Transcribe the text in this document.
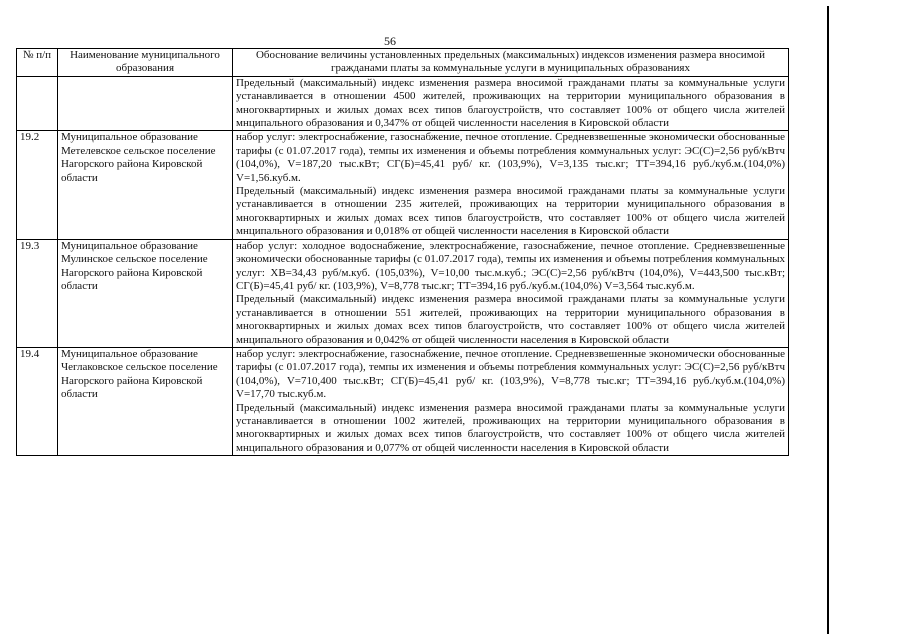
56
№ п/п	Наименование муниципального образования	Обоснование величины установленных предельных (максимальных) индексов изменения размера вносимой гражданами платы за коммунальные услуги в муниципальных образованиях

		Предельный (максимальный) индекс изменения размера вносимой гражданами платы за коммунальные услуги устанавливается в отношении 4500 жителей, проживающих на территории муниципального образования в многоквартирных и жилых домах всех типов благоустройств, что составляет 100% от общего числа жителей мнципального образования и 0,347% от общей численности населения в Кировской области

19.2	Муниципальное образование Метелевское сельское поселение Нагорского района Кировской области	набор услуг: электроснабжение, газоснабжение, печное отопление. Средневзвешенные экономически обоснованные тарифы (с 01.07.2017 года), темпы их изменения и объемы потребления коммунальных услуг: ЭС(С)=2,56 руб/кВтч (104,0%), V=187,20 тыс.кВт; СГ(Б)=45,41 руб/ кг. (103,9%), V=3,135 тыс.кг; ТТ=394,16 руб./куб.м.(104,0%) V=1,56.куб.м.
Предельный (максимальный) индекс изменения размера вносимой гражданами платы за коммунальные услуги устанавливается в отношении 235 жителей, проживающих на территории муниципального образования в многоквартирных и жилых домах всех типов благоустройств, что составляет 100% от общего числа жителей мнципального образования и 0,018% от общей численности населения в Кировской области

19.3	Муниципальное образование Мулинское сельское поселение Нагорского района Кировской области	набор услуг: холодное водоснабжение, электроснабжение, газоснабжение, печное отопление. Средневзвешенные экономически обоснованные тарифы (с 01.07.2017 года), темпы их изменения и объемы потребления коммунальных услуг: ХВ=34,43 руб/м.куб. (105,03%), V=10,00 тыс.м.куб.; ЭС(С)=2,56 руб/кВтч (104,0%), V=443,500 тыс.кВт; СГ(Б)=45,41 руб/ кг. (103,9%), V=8,778 тыс.кг; ТТ=394,16 руб./куб.м.(104,0%) V=3,564 тыс.куб.м.
Предельный (максимальный) индекс изменения размера вносимой гражданами платы за коммунальные услуги устанавливается в отношении 551 жителей, проживающих на территории муниципального образования в многоквартирных и жилых домах всех типов благоустройств, что составляет 100% от общего числа жителей мнципального образования и 0,042% от общей численности населения в Кировской области

19.4	Муниципальное образование Чеглаковское сельское поселение Нагорского района Кировской области	набор услуг: электроснабжение, газоснабжение, печное отопление. Средневзвешенные экономически обоснованные тарифы (с 01.07.2017 года), темпы их изменения и объемы потребления коммунальных услуг: ЭС(С)=2,56 руб/кВтч (104,0%), V=710,400 тыс.кВт; СГ(Б)=45,41 руб/ кг. (103,9%), V=8,778 тыс.кг; ТТ=394,16 руб./куб.м.(104,0%) V=17,70 тыс.куб.м.
Предельный (максимальный) индекс изменения размера вносимой гражданами платы за коммунальные услуги устанавливается в отношении 1002 жителей, проживающих на территории муниципального образования в многоквартирных и жилых домах всех типов благоустройств, что составляет 100% от общего числа жителей мнципального образования и 0,077% от общей численности населения в Кировской области
